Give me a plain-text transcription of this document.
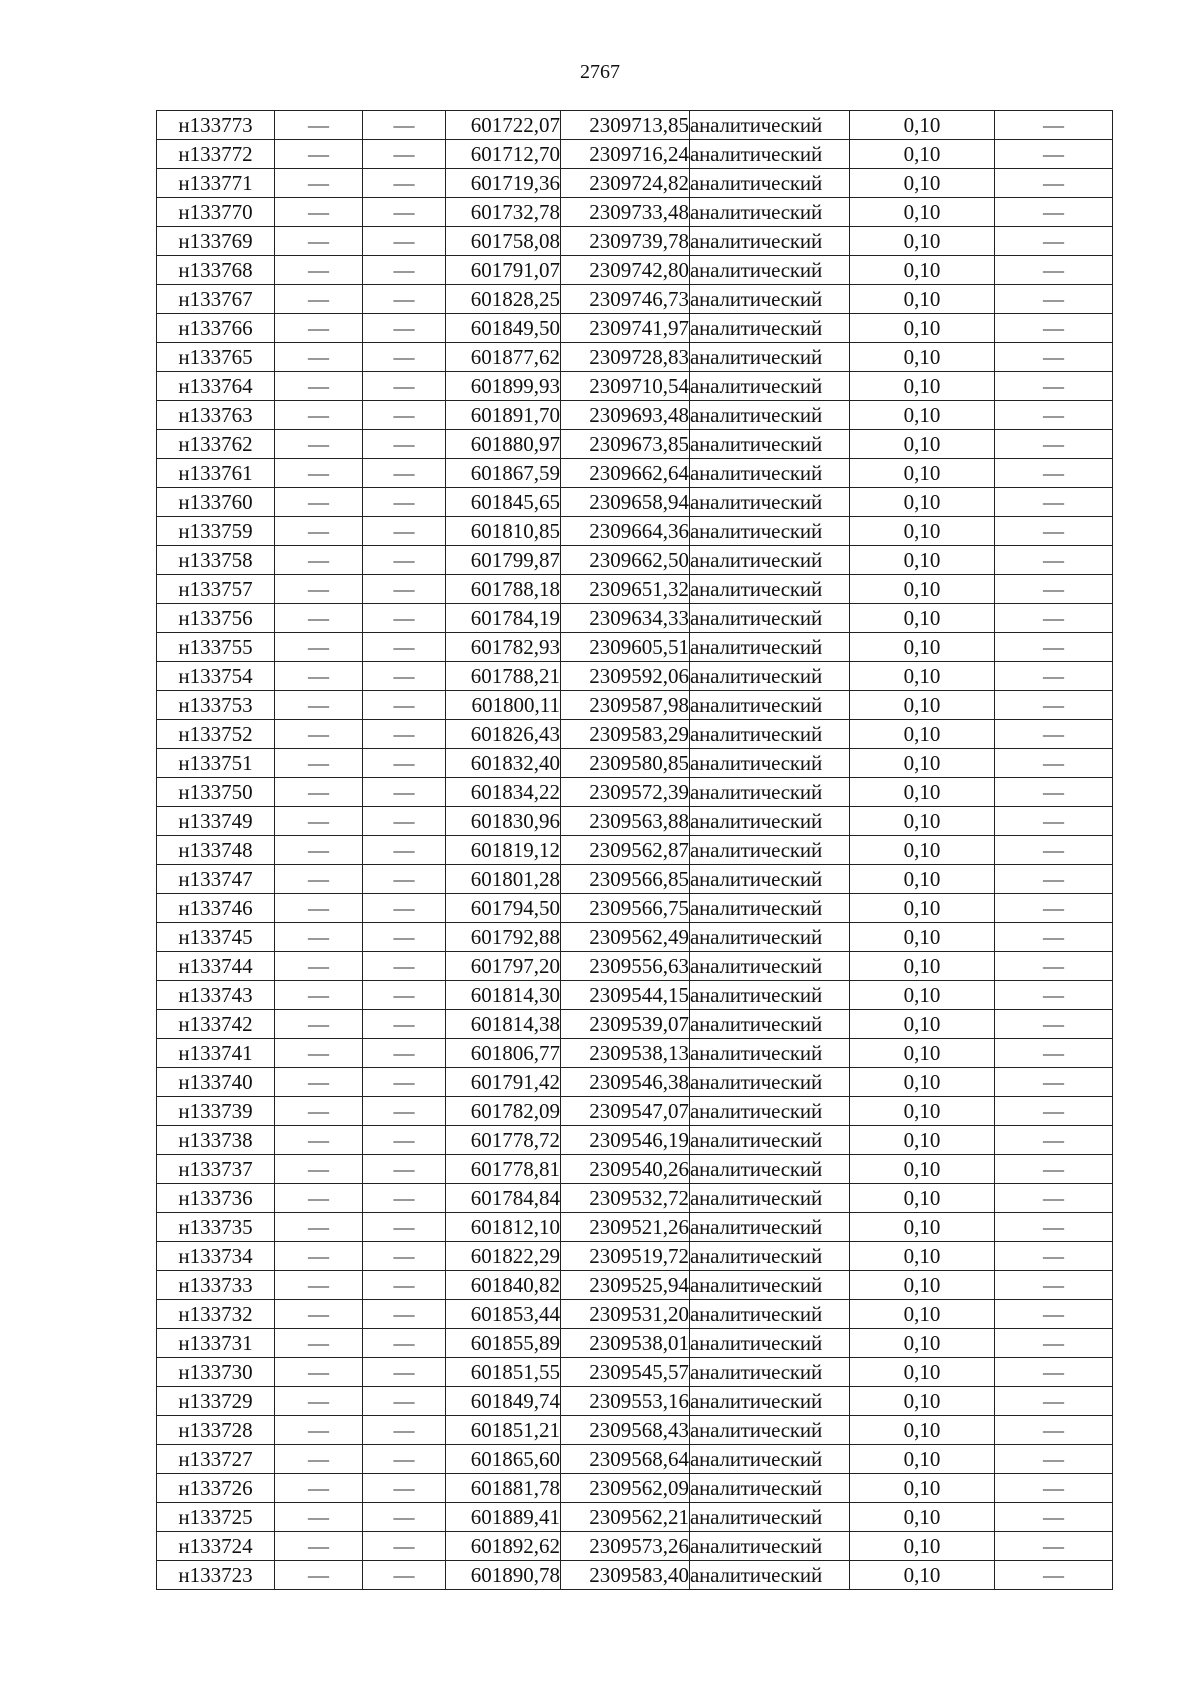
2767
н133773	—	—	601722,07	2309713,85	аналитический	0,10	—
н133772	—	—	601712,70	2309716,24	аналитический	0,10	—
н133771	—	—	601719,36	2309724,82	аналитический	0,10	—
н133770	—	—	601732,78	2309733,48	аналитический	0,10	—
н133769	—	—	601758,08	2309739,78	аналитический	0,10	—
н133768	—	—	601791,07	2309742,80	аналитический	0,10	—
н133767	—	—	601828,25	2309746,73	аналитический	0,10	—
н133766	—	—	601849,50	2309741,97	аналитический	0,10	—
н133765	—	—	601877,62	2309728,83	аналитический	0,10	—
н133764	—	—	601899,93	2309710,54	аналитический	0,10	—
н133763	—	—	601891,70	2309693,48	аналитический	0,10	—
н133762	—	—	601880,97	2309673,85	аналитический	0,10	—
н133761	—	—	601867,59	2309662,64	аналитический	0,10	—
н133760	—	—	601845,65	2309658,94	аналитический	0,10	—
н133759	—	—	601810,85	2309664,36	аналитический	0,10	—
н133758	—	—	601799,87	2309662,50	аналитический	0,10	—
н133757	—	—	601788,18	2309651,32	аналитический	0,10	—
н133756	—	—	601784,19	2309634,33	аналитический	0,10	—
н133755	—	—	601782,93	2309605,51	аналитический	0,10	—
н133754	—	—	601788,21	2309592,06	аналитический	0,10	—
н133753	—	—	601800,11	2309587,98	аналитический	0,10	—
н133752	—	—	601826,43	2309583,29	аналитический	0,10	—
н133751	—	—	601832,40	2309580,85	аналитический	0,10	—
н133750	—	—	601834,22	2309572,39	аналитический	0,10	—
н133749	—	—	601830,96	2309563,88	аналитический	0,10	—
н133748	—	—	601819,12	2309562,87	аналитический	0,10	—
н133747	—	—	601801,28	2309566,85	аналитический	0,10	—
н133746	—	—	601794,50	2309566,75	аналитический	0,10	—
н133745	—	—	601792,88	2309562,49	аналитический	0,10	—
н133744	—	—	601797,20	2309556,63	аналитический	0,10	—
н133743	—	—	601814,30	2309544,15	аналитический	0,10	—
н133742	—	—	601814,38	2309539,07	аналитический	0,10	—
н133741	—	—	601806,77	2309538,13	аналитический	0,10	—
н133740	—	—	601791,42	2309546,38	аналитический	0,10	—
н133739	—	—	601782,09	2309547,07	аналитический	0,10	—
н133738	—	—	601778,72	2309546,19	аналитический	0,10	—
н133737	—	—	601778,81	2309540,26	аналитический	0,10	—
н133736	—	—	601784,84	2309532,72	аналитический	0,10	—
н133735	—	—	601812,10	2309521,26	аналитический	0,10	—
н133734	—	—	601822,29	2309519,72	аналитический	0,10	—
н133733	—	—	601840,82	2309525,94	аналитический	0,10	—
н133732	—	—	601853,44	2309531,20	аналитический	0,10	—
н133731	—	—	601855,89	2309538,01	аналитический	0,10	—
н133730	—	—	601851,55	2309545,57	аналитический	0,10	—
н133729	—	—	601849,74	2309553,16	аналитический	0,10	—
н133728	—	—	601851,21	2309568,43	аналитический	0,10	—
н133727	—	—	601865,60	2309568,64	аналитический	0,10	—
н133726	—	—	601881,78	2309562,09	аналитический	0,10	—
н133725	—	—	601889,41	2309562,21	аналитический	0,10	—
н133724	—	—	601892,62	2309573,26	аналитический	0,10	—
н133723	—	—	601890,78	2309583,40	аналитический	0,10	—
